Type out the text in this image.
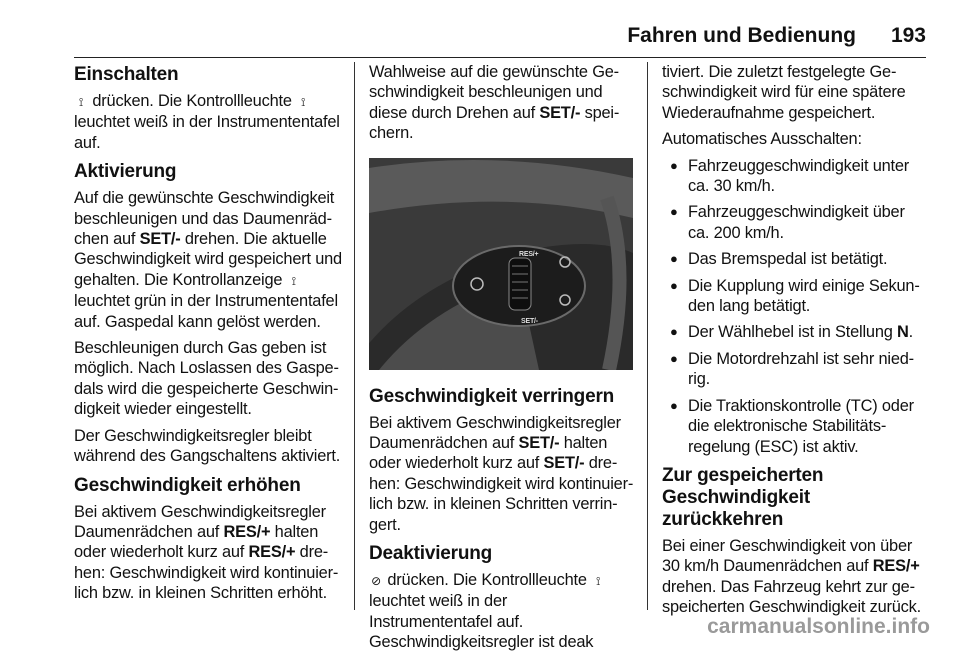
Fahren und Bedienung 193
Einschalten

⟟ drücken. Die Kontrollleuchte ⟟ leuchtet weiß in der Instrumententafel auf.

Aktivierung

Auf die gewünschte Geschwindigkeit beschleunigen und das Daumenrädchen auf SET/- drehen. Die aktuelle Geschwindigkeit wird gespeichert und gehalten. Die Kontrollanzeige ⟟ leuchtet grün in der Instrumententafel auf. Gaspedal kann gelöst werden.

Beschleunigen durch Gas geben ist möglich. Nach Loslassen des Gaspedals wird die gespeicherte Geschwindigkeit wieder eingestellt.

Der Geschwindigkeitsregler bleibt während des Gangschaltens aktiviert.

Geschwindigkeit erhöhen

Bei aktivem Geschwindigkeitsregler Daumenrädchen auf RES/+ halten oder wiederholt kurz auf RES/+ drehen: Geschwindigkeit wird kontinuierlich bzw. in kleinen Schritten erhöht.

Wahlweise auf die gewünschte Geschwindigkeit beschleunigen und diese durch Drehen auf SET/- speichern.

RES/+
SET/-
Geschwindigkeit verringern

Bei aktivem Geschwindigkeitsregler Daumenrädchen auf SET/- halten oder wiederholt kurz auf SET/- drehen: Geschwindigkeit wird kontinuierlich bzw. in kleinen Schritten verringert.

Deaktivierung

⊘ drücken. Die Kontrollleuchte ⟟ leuchtet weiß in der Instrumententafel auf. Geschwindigkeitsregler ist deak

tiviert. Die zuletzt festgelegte Geschwindigkeit wird für eine spätere Wiederaufnahme gespeichert.

Automatisches Ausschalten:

● Fahrzeuggeschwindigkeit unter ca. 30 km/h.
● Fahrzeuggeschwindigkeit über ca. 200 km/h.
● Das Bremspedal ist betätigt.
● Die Kupplung wird einige Sekunden lang betätigt.
● Der Wählhebel ist in Stellung N.
● Die Motordrehzahl ist sehr niedrig.
● Die Traktionskontrolle (TC) oder die elektronische Stabilitätsregelung (ESC) ist aktiv.
Zur gespeicherten Geschwindigkeit zurückkehren

Bei einer Geschwindigkeit von über 30 km/h Daumenrädchen auf RES/+ drehen. Das Fahrzeug kehrt zur gespeicherten Geschwindigkeit zurück.

carmanualsonline.info
